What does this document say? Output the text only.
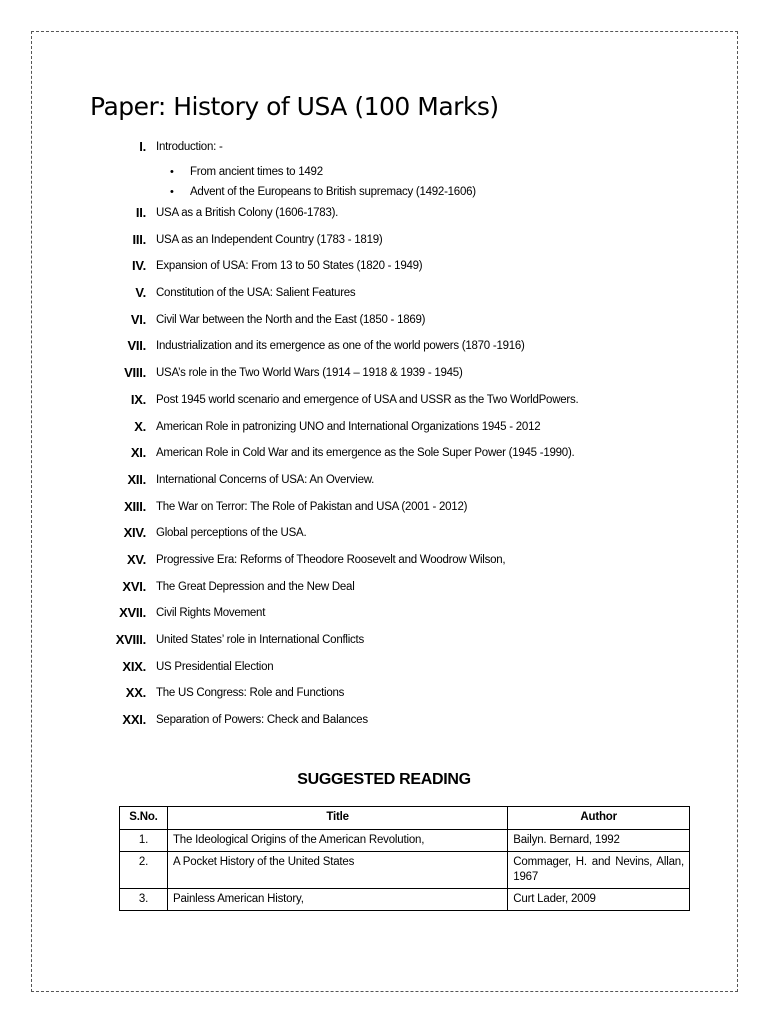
Paper: History of USA (100 Marks)
I. Introduction: -
• From ancient times to 1492
• Advent of the Europeans to British supremacy (1492-1606)
II. USA as a British Colony (1606-1783).
III. USA as an Independent Country (1783 - 1819)
IV. Expansion of USA: From 13 to 50 States (1820 - 1949)
V. Constitution of the USA: Salient Features
VI. Civil War between the North and the East (1850 - 1869)
VII. Industrialization and its emergence as one of the world powers (1870 -1916)
VIII. USA’s role in the Two World Wars (1914 – 1918 & 1939 - 1945)
IX. Post 1945 world scenario and emergence of USA and USSR as the Two WorldPowers.
X. American Role in patronizing UNO and International Organizations 1945 - 2012
XI. American Role in Cold War and its emergence as the Sole Super Power (1945 -1990).
XII. International Concerns of USA: An Overview.
XIII. The War on Terror: The Role of Pakistan and USA (2001 - 2012)
XIV. Global perceptions of the USA.
XV. Progressive Era: Reforms of Theodore Roosevelt and Woodrow Wilson,
XVI. The Great Depression and the New Deal
XVII. Civil Rights Movement
XVIII. United States’ role in International Conflicts
XIX. US Presidential Election
XX. The US Congress: Role and Functions
XXI. Separation of Powers: Check and Balances
SUGGESTED READING
S.No.	Title	Author
1.	The Ideological Origins of the American Revolution,	Bailyn. Bernard, 1992
2.	A Pocket History of the United States	Commager, H. and Nevins, Allan, 1967
3.	Painless American History,	Curt Lader, 2009
